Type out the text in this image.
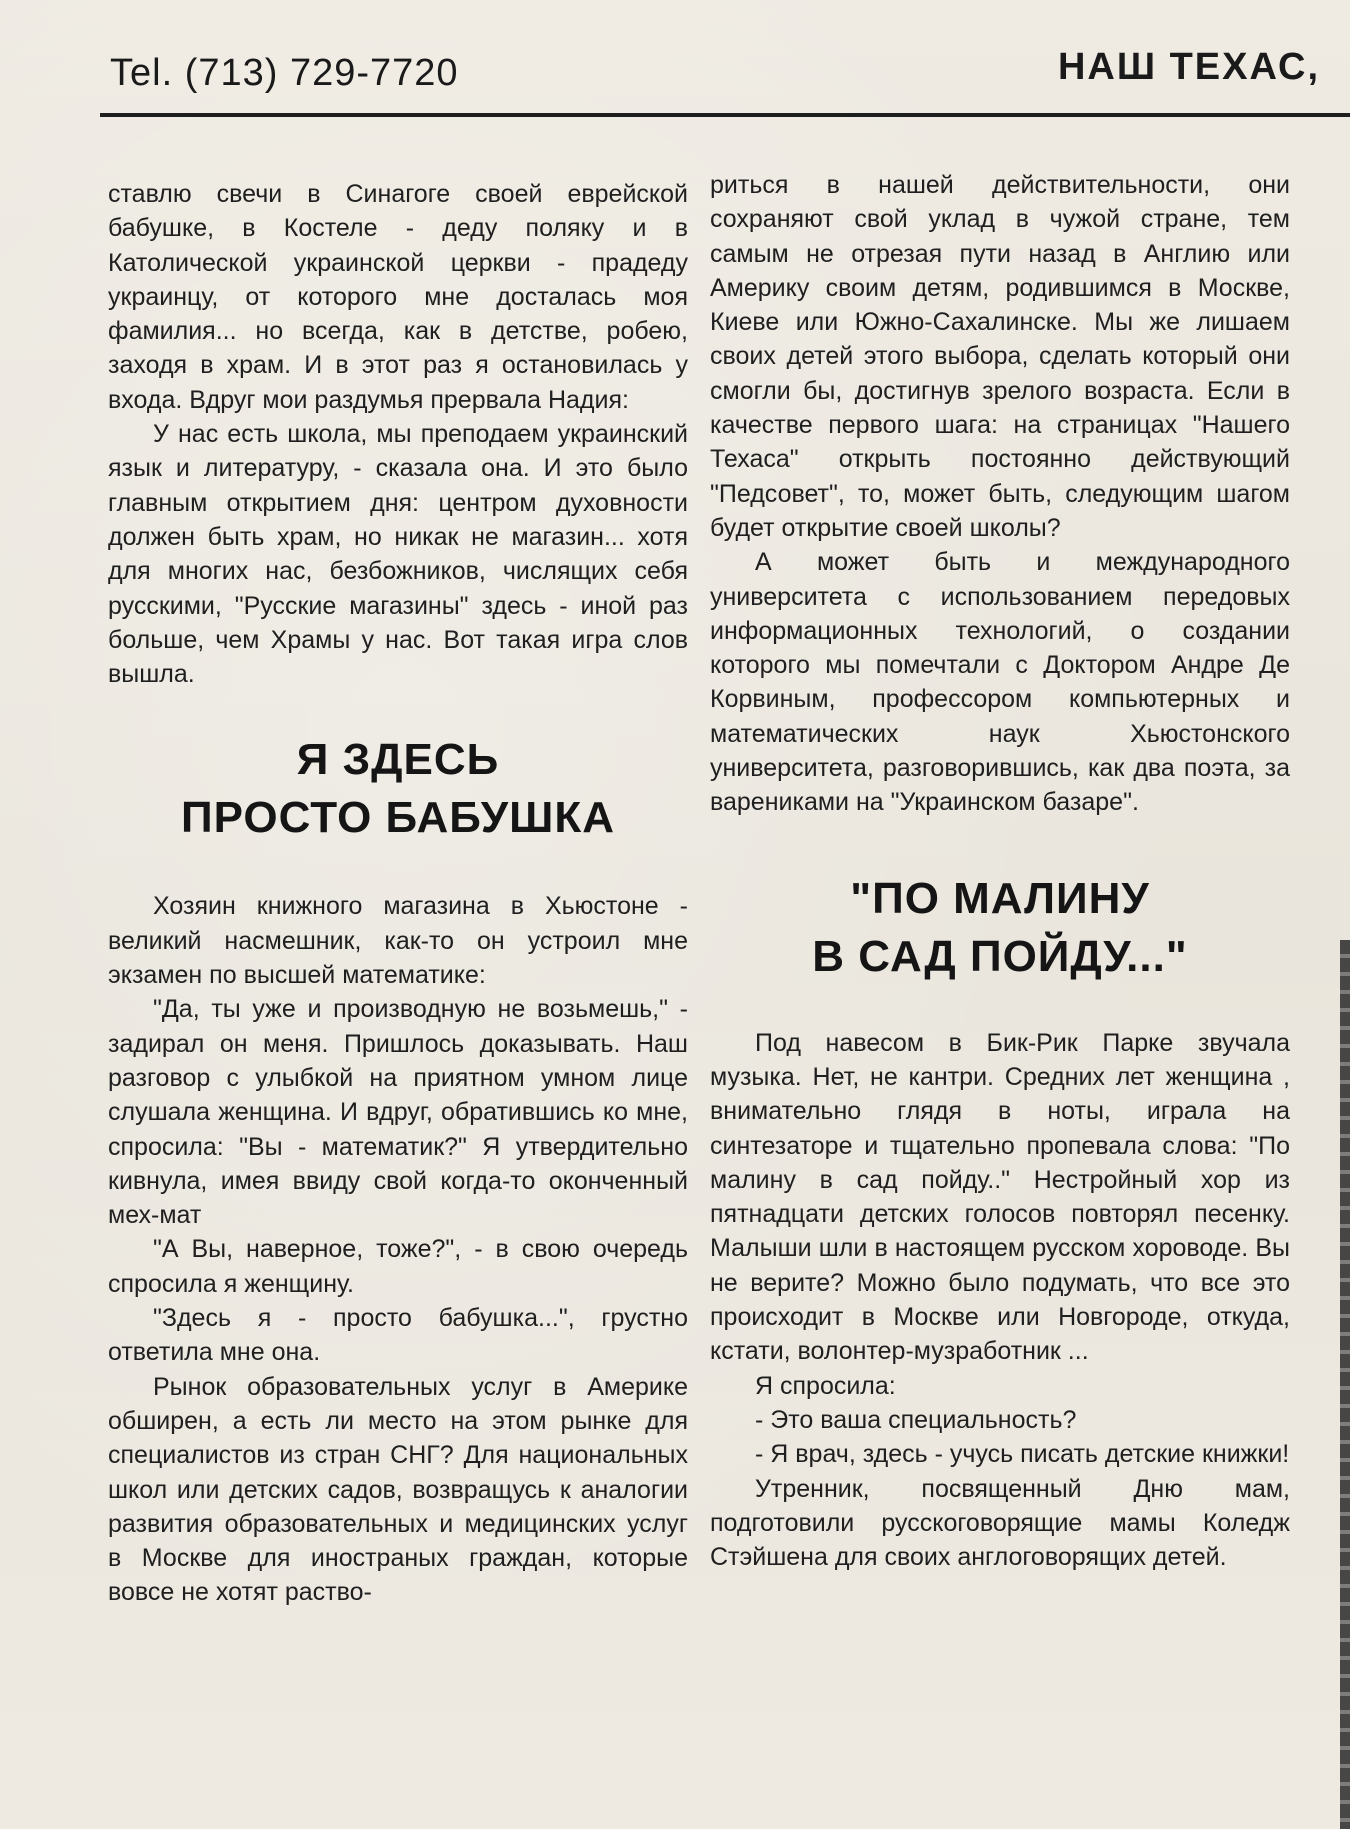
Tel. (713) 729-7720	НАШ ТЕХАС,

ставлю свечи в Синагоге своей еврейской бабушке, в Костеле - деду поляку и в Католической украинской церкви - прадеду украинцу, от которого мне досталась моя фамилия... но всегда, как в детстве, робею, заходя в храм. И в этот раз я остановилась у входа. Вдруг мои раздумья прервала Надия:

У нас есть школа, мы преподаем украинский язык и литературу, - сказала она. И это было главным открытием дня: центром духовности должен быть храм, но никак не магазин... хотя для многих нас, безбожников, числящих себя русскими, "Русские магазины" здесь - иной раз больше, чем Храмы у нас. Вот такая игра слов вышла.

Я ЗДЕСЬ
ПРОСТО БАБУШКА

Хозяин книжного магазина в Хьюстоне - великий насмешник, как-то он устроил мне экзамен по высшей математике:

"Да, ты уже и производную не возьмешь," - задирал он меня. Пришлось доказывать. Наш разговор с улыбкой на приятном умном лице слушала женщина. И вдруг, обратившись ко мне, спросила: "Вы - математик?" Я утвердительно кивнула, имея ввиду свой когда-то оконченный мех-мат

"А Вы, наверное, тоже?", - в свою очередь спросила я женщину.

"Здесь я - просто бабушка...", грустно ответила мне она.

Рынок образовательных услуг в Америке обширен, а есть ли место на этом рынке для специалистов из стран СНГ? Для национальных школ или детских садов, возвращусь к аналогии развития образовательных и медицинских услуг в Москве для иностраных граждан, которые вовсе не хотят раство-

риться в нашей действительности, они сохраняют свой уклад в чужой стране, тем самым не отрезая пути назад в Англию или Америку своим детям, родившимся в Москве, Киеве или Южно-Сахалинске. Мы же лишаем своих детей этого выбора, сделать который они смогли бы, достигнув зрелого возраста. Если в качестве первого шага: на страницах "Нашего Техаса" открыть постоянно действующий "Педсовет", то, может быть, следующим шагом будет открытие своей школы?

А может быть и международного университета с использованием передовых информационных технологий, о создании которого мы помечтали с Доктором Андре Де Корвиным, профессором компьютерных и математических наук Хьюстонского университета, разговорившись, как два поэта, за варениками на "Украинском базаре".

"ПО МАЛИНУ
В САД ПОЙДУ..."

Под навесом в Бик-Рик Парке звучала музыка. Нет, не кантри. Средних лет женщина , внимательно глядя в ноты, играла на синтезаторе и тщательно пропевала слова: "По малину в сад пойду.." Нестройный хор из пятнадцати детских голосов повторял песенку. Малыши шли в настоящем русском хороводе. Вы не верите? Можно было подумать, что все это происходит в Москве или Новгороде, откуда, кстати, волонтер-музработник ...

Я спросила:

- Это ваша специальность?

- Я врач, здесь - учусь писать детские книжки!

Утренник, посвященный Дню мам, подготовили русскоговорящие мамы Коледж Стэйшена для своих англоговорящих детей.
